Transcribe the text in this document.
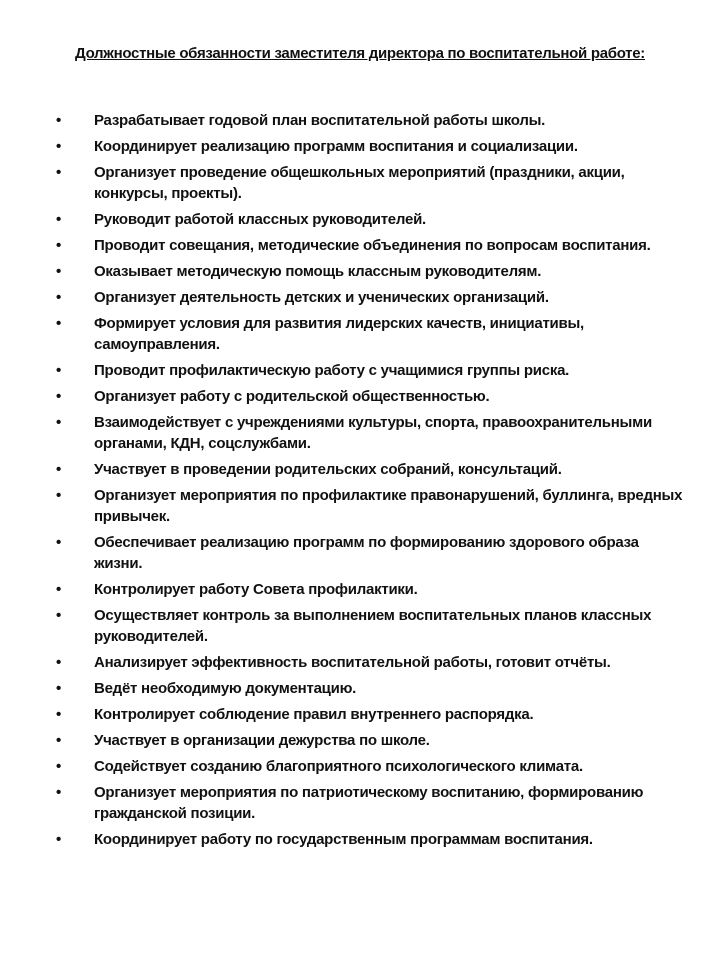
Должностные обязанности заместителя директора по воспитательной работе:
• Разрабатывает годовой план воспитательной работы школы.
• Координирует реализацию программ воспитания и социализации.
• Организует проведение общешкольных мероприятий (праздники, акции, конкурсы, проекты).
• Руководит работой классных руководителей.
• Проводит совещания, методические объединения по вопросам воспитания.
• Оказывает методическую помощь классным руководителям.
• Организует деятельность детских и ученических организаций.
• Формирует условия для развития лидерских качеств, инициативы, самоуправления.
• Проводит профилактическую работу с учащимися группы риска.
• Организует работу с родительской общественностью.
• Взаимодействует с учреждениями культуры, спорта, правоохранительными органами, КДН, соцслужбами.
• Участвует в проведении родительских собраний, консультаций.
• Организует мероприятия по профилактике правонарушений, буллинга, вредных привычек.
• Обеспечивает реализацию программ по формированию здорового образа жизни.
• Контролирует работу Совета профилактики.
• Осуществляет контроль за выполнением воспитательных планов классных руководителей.
• Анализирует эффективность воспитательной работы, готовит отчёты.
• Ведёт необходимую документацию.
• Контролирует соблюдение правил внутреннего распорядка.
• Участвует в организации дежурства по школе.
• Содействует созданию благоприятного психологического климата.
• Организует мероприятия по патриотическому воспитанию, формированию гражданской позиции.
• Координирует работу по государственным программам воспитания.
